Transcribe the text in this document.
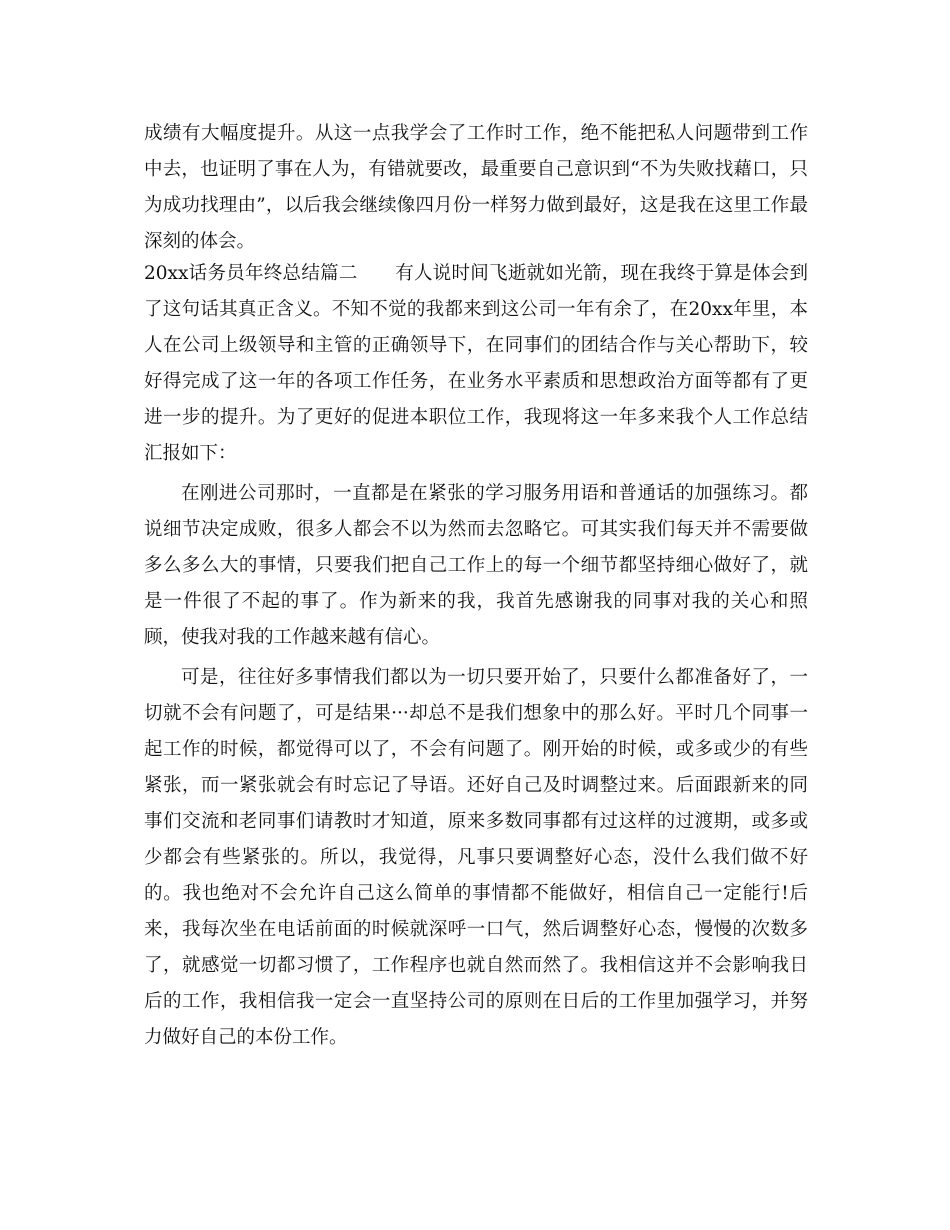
成绩有大幅度提升。从这一点我学会了工作时工作，绝不能把私人问题带到工作中去，也证明了事在人为，有错就要改，最重要自己意识到“不为失败找藉口，只为成功找理由”，以后我会继续像四月份一样努力做到最好，这是我在这里工作最深刻的体会。

20xx话务员年终总结篇二　　有人说时间飞逝就如光箭，现在我终于算是体会到了这句话其真正含义。不知不觉的我都来到这公司一年有余了，在20xx年里，本人在公司上级领导和主管的正确领导下，在同事们的团结合作与关心帮助下，较好得完成了这一年的各项工作任务，在业务水平素质和思想政治方面等都有了更进一步的提升。为了更好的促进本职位工作，我现将这一年多来我个人工作总结汇报如下：

在刚进公司那时，一直都是在紧张的学习服务用语和普通话的加强练习。都说细节决定成败，很多人都会不以为然而去忽略它。可其实我们每天并不需要做多么多么大的事情，只要我们把自己工作上的每一个细节都坚持细心做好了，就是一件很了不起的事了。作为新来的我，我首先感谢我的同事对我的关心和照顾，使我对我的工作越来越有信心。

可是，往往好多事情我们都以为一切只要开始了，只要什么都准备好了，一切就不会有问题了，可是结果···却总不是我们想象中的那么好。平时几个同事一起工作的时候，都觉得可以了，不会有问题了。刚开始的时候，或多或少的有些紧张，而一紧张就会有时忘记了导语。还好自己及时调整过来。后面跟新来的同事们交流和老同事们请教时才知道，原来多数同事都有过这样的过渡期，或多或少都会有些紧张的。所以，我觉得，凡事只要调整好心态，没什么我们做不好的。我也绝对不会允许自己这么简单的事情都不能做好，相信自己一定能行!后来，我每次坐在电话前面的时候就深呼一口气，然后调整好心态，慢慢的次数多了，就感觉一切都习惯了，工作程序也就自然而然了。我相信这并不会影响我日后的工作，我相信我一定会一直坚持公司的原则在日后的工作里加强学习，并努力做好自己的本份工作。
